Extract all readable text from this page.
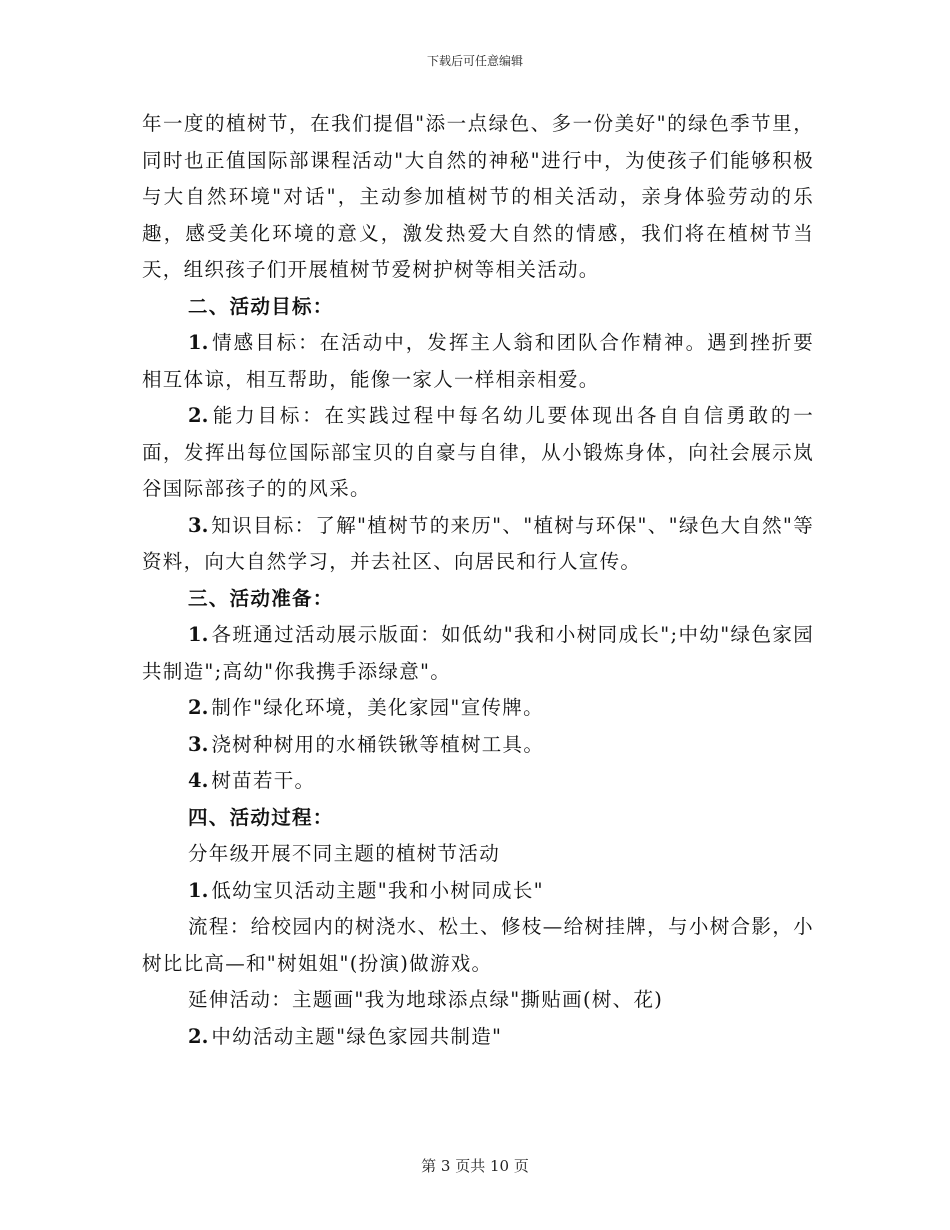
下载后可任意编辑

年一度的植树节，在我们提倡"添一点绿色、多一份美好"的绿色季节里，同时也正值国际部课程活动"大自然的神秘"进行中，为使孩子们能够积极与大自然环境"对话"，主动参加植树节的相关活动，亲身体验劳动的乐趣，感受美化环境的意义，激发热爱大自然的情感，我们将在植树节当天，组织孩子们开展植树节爱树护树等相关活动。

二、活动目标：

1. 情感目标：在活动中，发挥主人翁和团队合作精神。遇到挫折要相互体谅，相互帮助，能像一家人一样相亲相爱。

2. 能力目标：在实践过程中每名幼儿要体现出各自自信勇敢的一面，发挥出每位国际部宝贝的自豪与自律，从小锻炼身体，向社会展示岚谷国际部孩子的的风采。

3. 知识目标：了解"植树节的来历"、"植树与环保"、"绿色大自然"等资料，向大自然学习，并去社区、向居民和行人宣传。

三、活动准备：

1. 各班通过活动展示版面：如低幼"我和小树同成长";中幼"绿色家园共制造";高幼"你我携手添绿意"。

2. 制作"绿化环境，美化家园"宣传牌。

3. 浇树种树用的水桶铁锹等植树工具。

4. 树苗若干。

四、活动过程：

分年级开展不同主题的植树节活动

1. 低幼宝贝活动主题"我和小树同成长"

流程：给校园内的树浇水、松土、修枝—给树挂牌，与小树合影，小树比比高—和"树姐姐"(扮演)做游戏。

延伸活动：主题画"我为地球添点绿"撕贴画(树、花)

2. 中幼活动主题"绿色家园共制造"

第 3 页共 10 页
